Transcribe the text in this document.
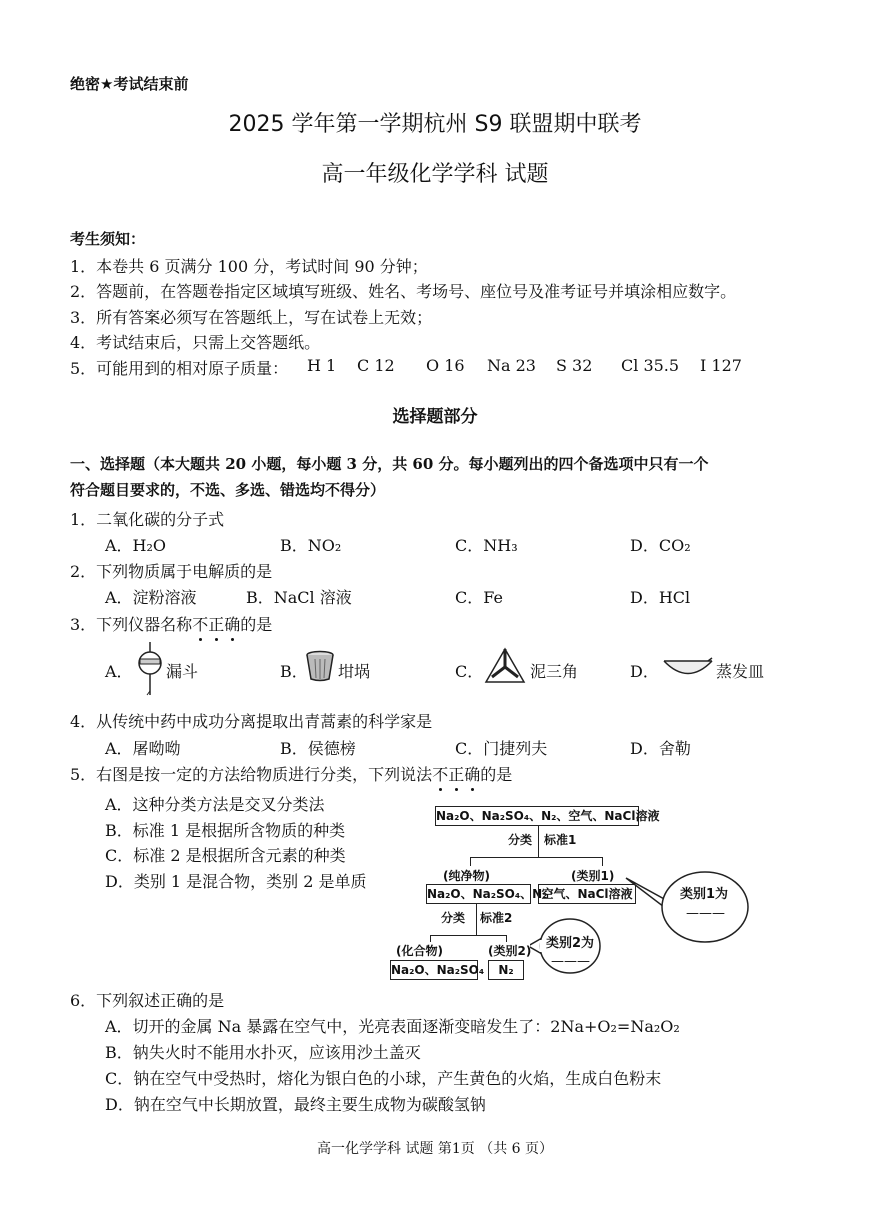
绝密★考试结束前
2025 学年第一学期杭州 S9 联盟期中联考
高一年级化学学科 试题
考生须知：
1．本卷共 6 页满分 100 分，考试时间 90 分钟；
2．答题前，在答题卷指定区域填写班级、姓名、考场号、座位号及准考证号并填涂相应数字。
3．所有答案必须写在答题纸上，写在试卷上无效；
4．考试结束后，只需上交答题纸。
5．可能用到的相对原子质量： H 1 C 12 O 16 Na 23 S 32 Cl 35.5 I 127
选择题部分
一、选择题（本大题共 20 小题，每小题 3 分，共 60 分。每小题列出的四个备选项中只有一个
符合题目要求的，不选、多选、错选均不得分）
1．二氧化碳的分子式
A．H₂O	B．NO₂	C．NH₃	D．CO₂
2．下列物质属于电解质的是
A．淀粉溶液	B．NaCl 溶液	C．Fe	D．HCl
3．下列仪器名称不正确的是
A． 漏斗	B． 坩埚	C．	泥三角	D．	蒸发皿
4．从传统中药中成功分离提取出青蒿素的科学家是
A．屠呦呦	B．侯德榜	C．门捷列夫	D．舍勒
5．右图是按一定的方法给物质进行分类，下列说法不正确的是
A．这种分类方法是交叉分类法
B．标准 1 是根据所含物质的种类
C．标准 2 是根据所含元素的种类
D．类别 1 是混合物，类别 2 是单质
Na₂O、Na₂SO₄、N₂、空气、NaCl溶液
分类 标准1
(纯净物)	(类别1)
Na₂O、Na₂SO₄、N₂
空气、NaCl溶液
分类 标准2
(化合物)	(类别2)
Na₂O、Na₂SO₄	N₂
类别1为
———
类别2为
———
6．下列叙述正确的是
A．切开的金属 Na 暴露在空气中，光亮表面逐渐变暗发生了：2Na+O₂=Na₂O₂
B．钠失火时不能用水扑灭，应该用沙土盖灭
C．钠在空气中受热时，熔化为银白色的小球，产生黄色的火焰，生成白色粉末
D．钠在空气中长期放置，最终主要生成物为碳酸氢钠
高一化学学科 试题 第1页 （共 6 页）
